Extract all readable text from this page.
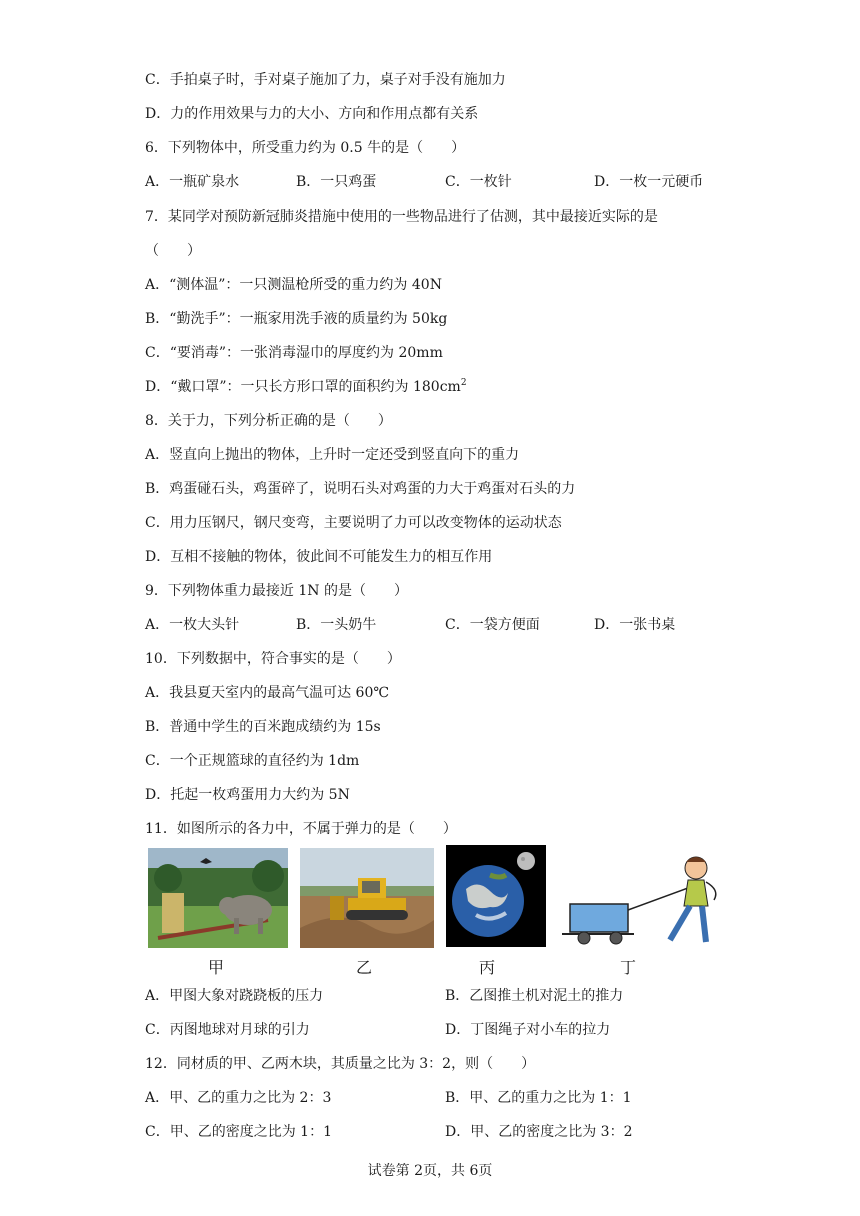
C．手拍桌子时，手对桌子施加了力，桌子对手没有施加力
D．力的作用效果与力的大小、方向和作用点都有关系
6．下列物体中，所受重力约为 0.5 牛的是（　　）
A．一瓶矿泉水	B．一只鸡蛋	C．一枚针	D．一枚一元硬币
7．某同学对预防新冠肺炎措施中使用的一些物品进行了估测，其中最接近实际的是
（　　）
A．“测体温”：一只测温枪所受的重力约为 40N
B．“勤洗手”：一瓶家用洗手液的质量约为 50kg
C．“要消毒”：一张消毒湿巾的厚度约为 20mm
D．“戴口罩”：一只长方形口罩的面积约为 $180cm^2$
8．关于力，下列分析正确的是（　　）
A．竖直向上抛出的物体，上升时一定还受到竖直向下的重力
B．鸡蛋碰石头，鸡蛋碎了，说明石头对鸡蛋的力大于鸡蛋对石头的力
C．用力压钢尺，钢尺变弯，主要说明了力可以改变物体的运动状态
D．互相不接触的物体，彼此间不可能发生力的相互作用
9．下列物体重力最接近 1N 的是（　　）
A．一枚大头针	B．一头奶牛	C．一袋方便面	D．一张书桌
10．下列数据中，符合事实的是（　　）
A．我县夏天室内的最高气温可达 60℃
B．普通中学生的百米跑成绩约为 15s
C．一个正规篮球的直径约为 1dm
D．托起一枚鸡蛋用力大约为 5N
11．如图所示的各力中，不属于弹力的是（　　）
甲	乙	丙	丁
A．甲图大象对跷跷板的压力	B．乙图推土机对泥土的推力
C．丙图地球对月球的引力	D．丁图绳子对小车的拉力
12．同材质的甲、乙两木块，其质量之比为 3：2，则（　　）
A．甲、乙的重力之比为 2：3	B．甲、乙的重力之比为 1：1
C．甲、乙的密度之比为 1：1	D．甲、乙的密度之比为 3：2
试卷第 2页，共 6页
